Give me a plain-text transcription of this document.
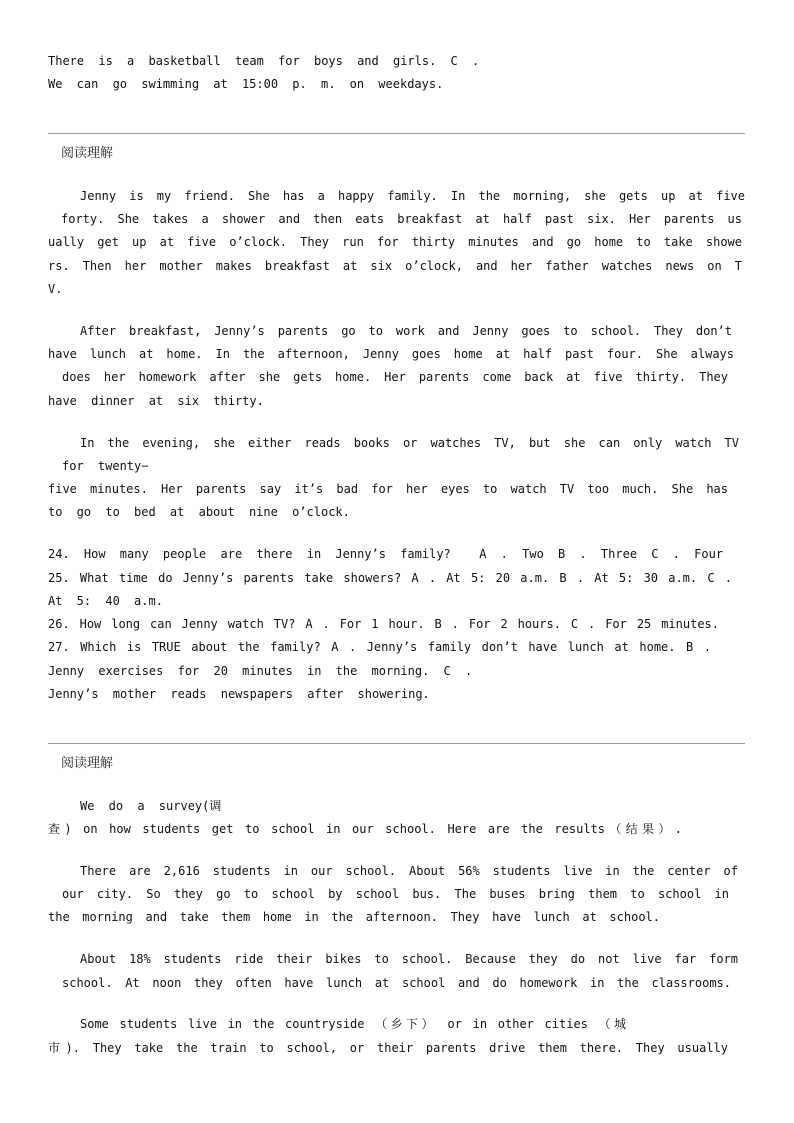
There is a basketball team for boys and girls. C .
We can go swimming at 15:00 p. m. on weekdays.
阅读理解
Jenny is my friend. She has a happy family. In the morning, she gets up at five
forty. She takes a shower and then eats breakfast at half past six. Her parents us
ually get up at five o’clock. They run for thirty minutes and go home to take showe
rs. Then her mother makes breakfast at six o’clock, and her father watches news on T
V.
After breakfast, Jenny’s parents go to work and Jenny goes to school. They don’t
have lunch at home. In the afternoon, Jenny goes home at half past four. She always
does her homework after she gets home. Her parents come back at five thirty. They
have dinner at six thirty.
In the evening, she either reads books or watches TV, but she can only watch TV
for twenty−
five minutes. Her parents say it’s bad for her eyes to watch TV too much. She has
to go to bed at about nine o’clock.
24. How many people are there in Jenny’s family?  A . Two B . Three C . Four
25. What time do Jenny’s parents take showers? A . At 5: 20 a.m. B . At 5: 30 a.m. C .
At 5: 40 a.m.
26. How long can Jenny watch TV? A . For 1 hour. B . For 2 hours. C . For 25 minutes.
27. Which is TRUE about the family? A . Jenny’s family don’t have lunch at home. B .
Jenny exercises for 20 minutes in the morning. C .
Jenny’s mother reads newspapers after showering.
阅读理解
We do a survey(调
查) on how students get to school in our school. Here are the results（结果）.
There are 2,616 students in our school. About 56% students live in the center of
our city. So they go to school by school bus. The buses bring them to school in
the morning and take them home in the afternoon. They have lunch at school.
About 18% students ride their bikes to school. Because they do not live far form
school. At noon they often have lunch at school and do homework in the classrooms.
Some students live in the countryside （乡下） or in other cities （城
市). They take the train to school, or their parents drive them there. They usually
